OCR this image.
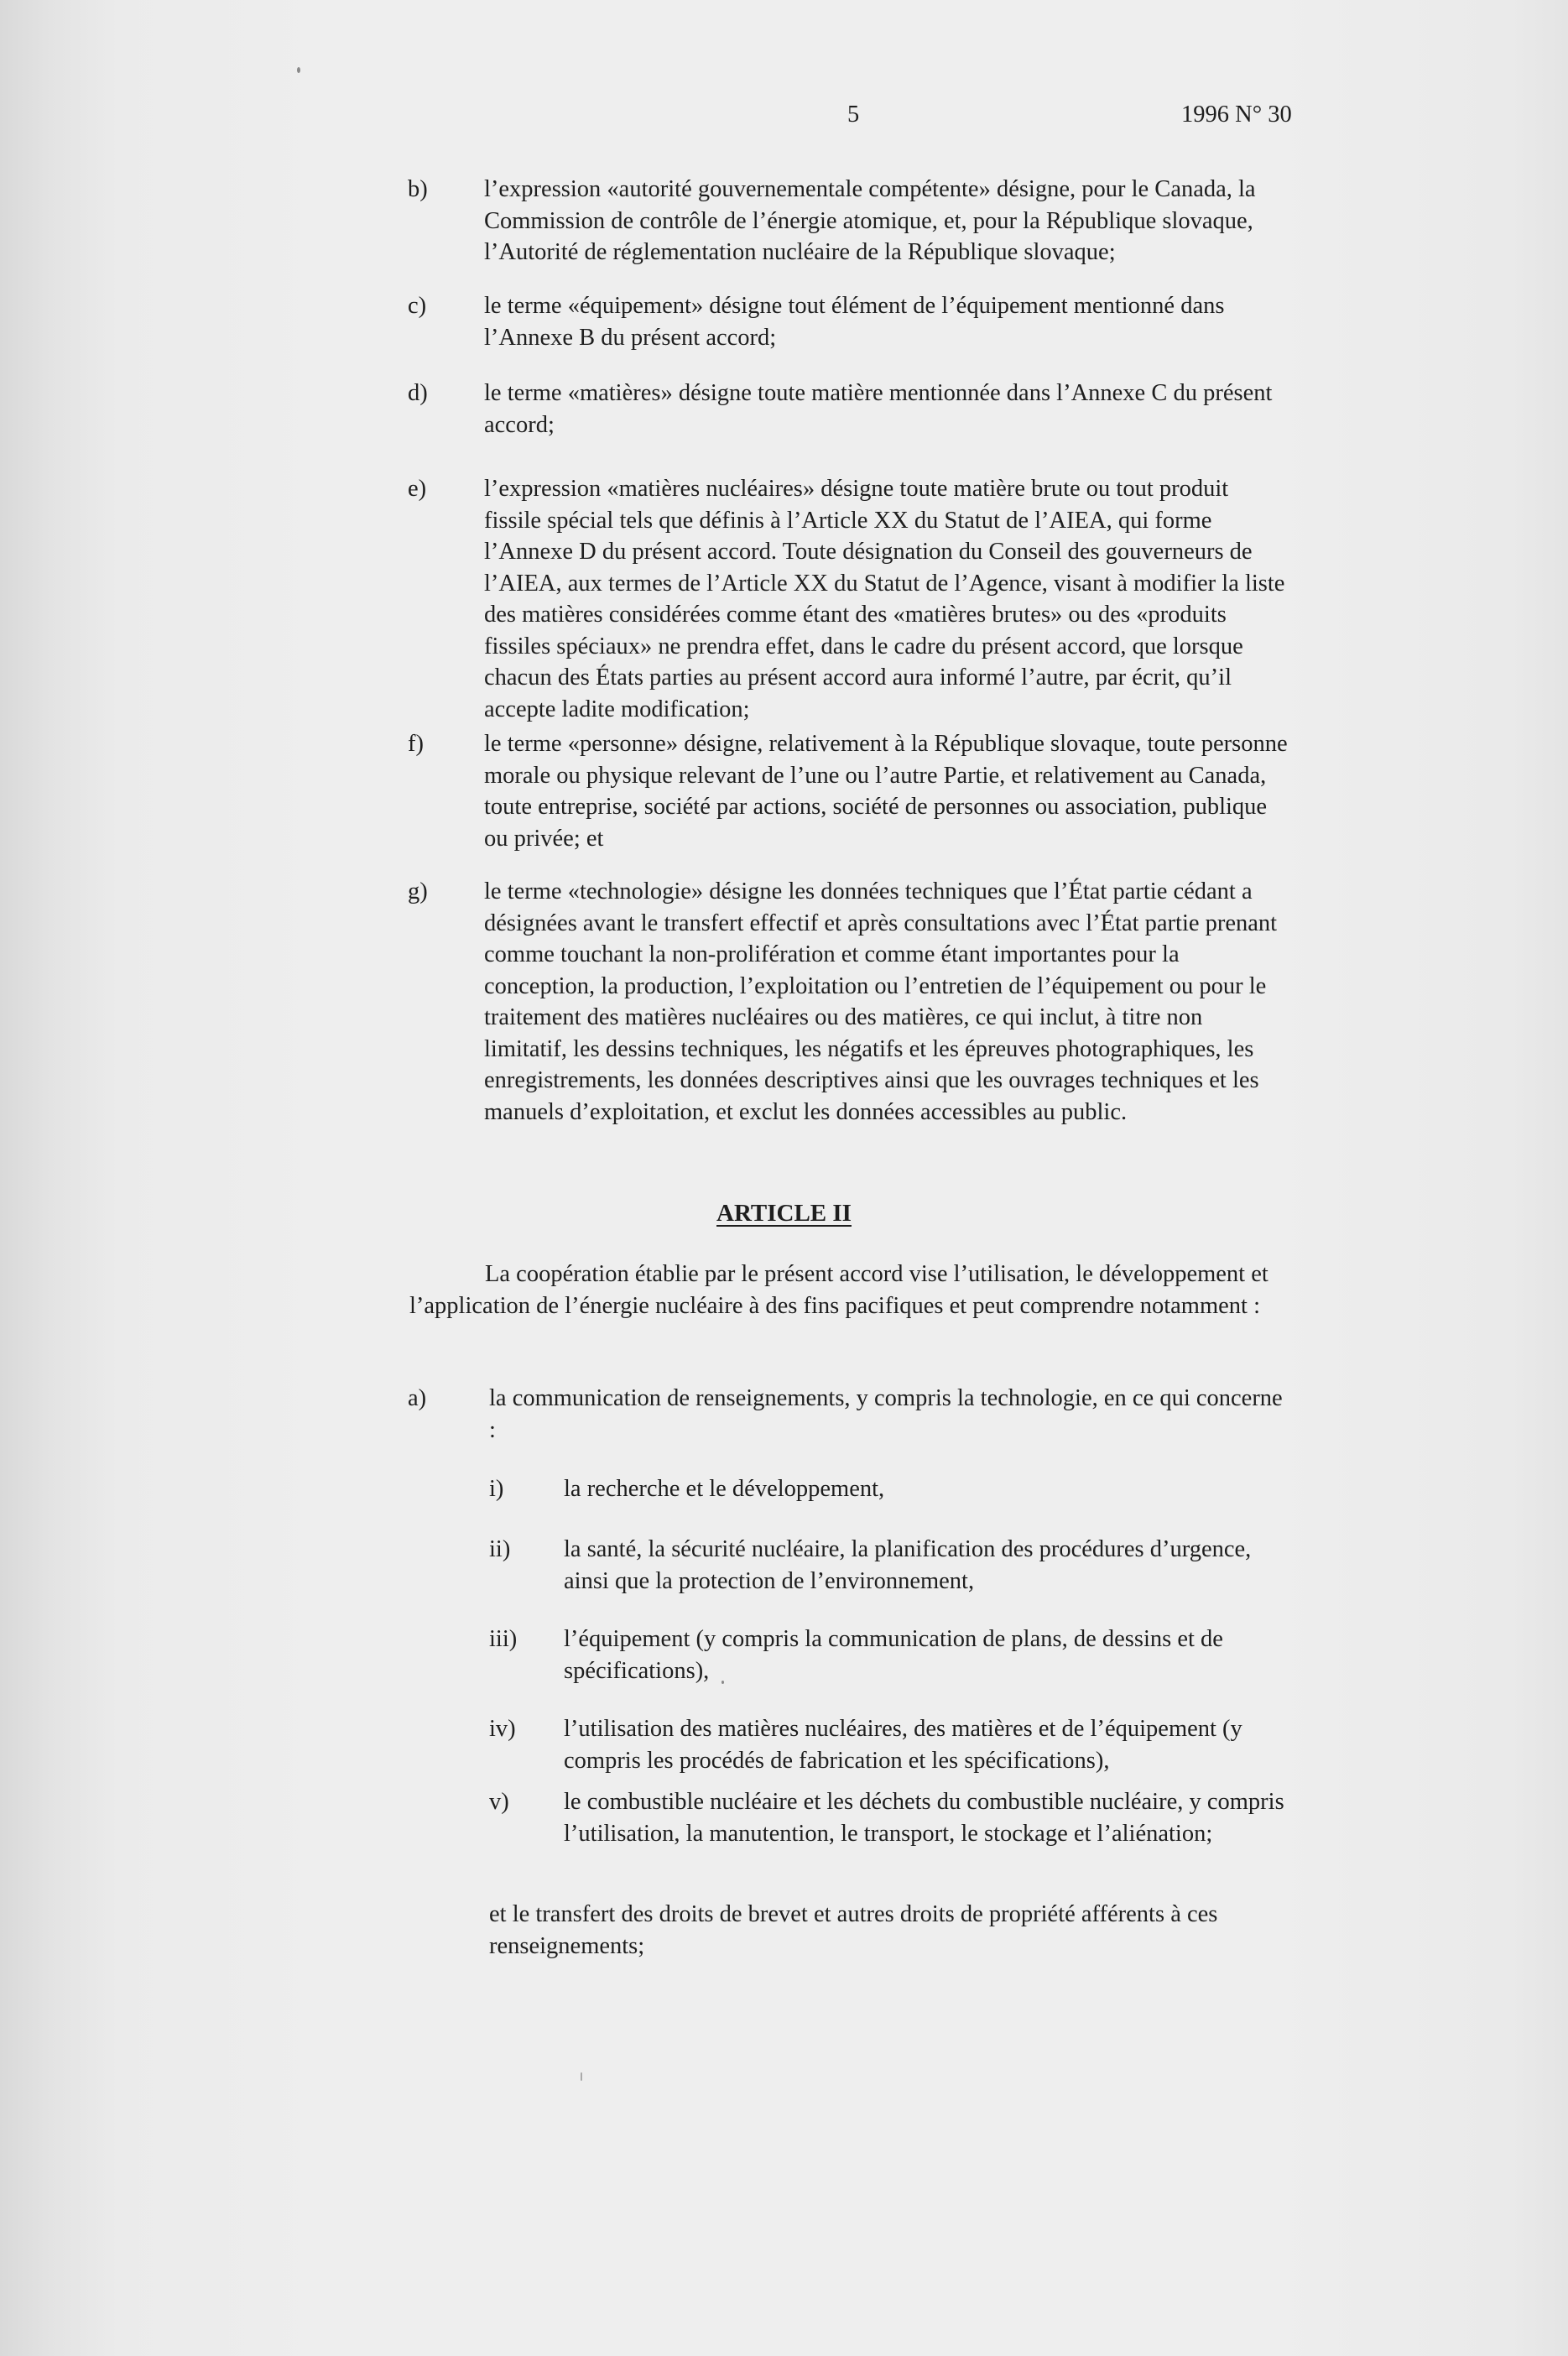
5	1996 N° 30
b) l’expression «autorité gouvernementale compétente» désigne, pour le Canada, la Commission de contrôle de l’énergie atomique, et, pour la République slovaque, l’Autorité de réglementation nucléaire de la République slovaque;
c) le terme «équipement» désigne tout élément de l’équipement mentionné dans l’Annexe B du présent accord;
d) le terme «matières» désigne toute matière mentionnée dans l’Annexe C du présent accord;
e) l’expression «matières nucléaires» désigne toute matière brute ou tout produit fissile spécial tels que définis à l’Article XX du Statut de l’AIEA, qui forme l’Annexe D du présent accord. Toute désignation du Conseil des gouverneurs de l’AIEA, aux termes de l’Article XX du Statut de l’Agence, visant à modifier la liste des matières considérées comme étant des «matières brutes» ou des «produits fissiles spéciaux» ne prendra effet, dans le cadre du présent accord, que lorsque chacun des États parties au présent accord aura informé l’autre, par écrit, qu’il accepte ladite modification;
f)	le terme «personne» désigne, relativement à la République slovaque, toute personne morale ou physique relevant de l’une ou l’autre Partie, et relativement au Canada, toute entreprise, société par actions, société de personnes ou association, publique ou privée; et
g) le terme «technologie» désigne les données techniques que l’État partie cédant a désignées avant le transfert effectif et après consultations avec l’État partie prenant comme touchant la non-prolifération et comme étant importantes pour la conception, la production, l’exploitation ou l’entretien de l’équipement ou pour le traitement des matières nucléaires ou des matières, ce qui inclut, à titre non limitatif, les dessins techniques, les négatifs et les épreuves photographiques, les enregistrements, les données descriptives ainsi que les ouvrages techniques et les manuels d’exploitation, et exclut les données accessibles au public.
ARTICLE II
La coopération établie par le présent accord vise l’utilisation, le développement et l’application de l’énergie nucléaire à des fins pacifiques et peut comprendre notamment :
a)	la communication de renseignements, y compris la technologie, en ce qui concerne :
i)	la recherche et le développement,
ii) la santé, la sécurité nucléaire, la planification des procédures d’urgence, ainsi que la protection de l’environnement,
iii) l’équipement (y compris la communication de plans, de dessins et de spécifications),
iv) l’utilisation des matières nucléaires, des matières et de l’équipement (y compris les procédés de fabrication et les spécifications),
v) le combustible nucléaire et les déchets du combustible nucléaire, y compris l’utilisation, la manutention, le transport, le stockage et l’aliénation;
et le transfert des droits de brevet et autres droits de propriété afférents à ces renseignements;
